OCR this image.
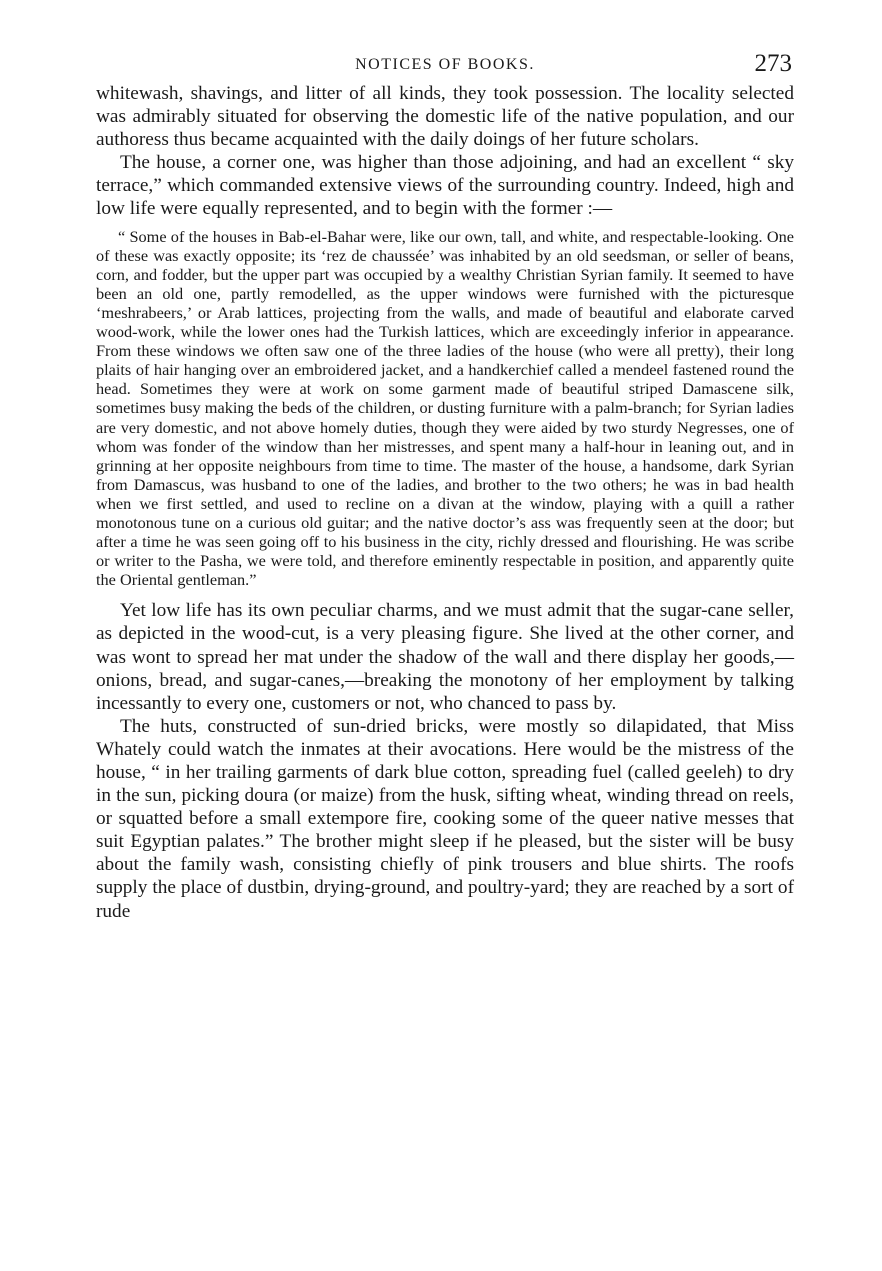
NOTICES OF BOOKS.	273

whitewash, shavings, and litter of all kinds, they took possession. The locality selected was admirably situated for observing the domestic life of the native population, and our authoress thus became acquainted with the daily doings of her future scholars.

The house, a corner one, was higher than those adjoining, and had an excellent “ sky terrace,” which commanded extensive views of the surrounding country. Indeed, high and low life were equally represented, and to begin with the former :—

“ Some of the houses in Bab-el-Bahar were, like our own, tall, and white, and respectable-looking. One of these was exactly opposite; its ‘rez de chaussée’ was inhabited by an old seedsman, or seller of beans, corn, and fodder, but the upper part was occupied by a wealthy Christian Syrian family. It seemed to have been an old one, partly remodelled, as the upper windows were furnished with the picturesque ‘meshrabeers,’ or Arab lattices, projecting from the walls, and made of beautiful and elaborate carved wood-work, while the lower ones had the Turkish lattices, which are exceedingly inferior in appearance. From these windows we often saw one of the three ladies of the house (who were all pretty), their long plaits of hair hanging over an embroidered jacket, and a handkerchief called a mendeel fastened round the head. Sometimes they were at work on some garment made of beautiful striped Damascene silk, sometimes busy making the beds of the children, or dusting furniture with a palm-branch; for Syrian ladies are very domestic, and not above homely duties, though they were aided by two sturdy Negresses, one of whom was fonder of the window than her mistresses, and spent many a half-hour in leaning out, and in grinning at her opposite neighbours from time to time. The master of the house, a handsome, dark Syrian from Damascus, was husband to one of the ladies, and brother to the two others; he was in bad health when we first settled, and used to recline on a divan at the window, playing with a quill a rather monotonous tune on a curious old guitar; and the native doctor’s ass was frequently seen at the door; but after a time he was seen going off to his business in the city, richly dressed and flourishing. He was scribe or writer to the Pasha, we were told, and therefore eminently respectable in position, and apparently quite the Oriental gentleman.”

Yet low life has its own peculiar charms, and we must admit that the sugar-cane seller, as depicted in the wood-cut, is a very pleasing figure. She lived at the other corner, and was wont to spread her mat under the shadow of the wall and there display her goods,— onions, bread, and sugar-canes,—breaking the monotony of her employment by talking incessantly to every one, customers or not, who chanced to pass by.

The huts, constructed of sun-dried bricks, were mostly so dilapidated, that Miss Whately could watch the inmates at their avocations. Here would be the mistress of the house, “ in her trailing garments of dark blue cotton, spreading fuel (called geeleh) to dry in the sun, picking doura (or maize) from the husk, sifting wheat, winding thread on reels, or squatted before a small extempore fire, cooking some of the queer native messes that suit Egyptian palates.” The brother might sleep if he pleased, but the sister will be busy about the family wash, consisting chiefly of pink trousers and blue shirts. The roofs supply the place of dustbin, drying-ground, and poultry-yard; they are reached by a sort of rude
